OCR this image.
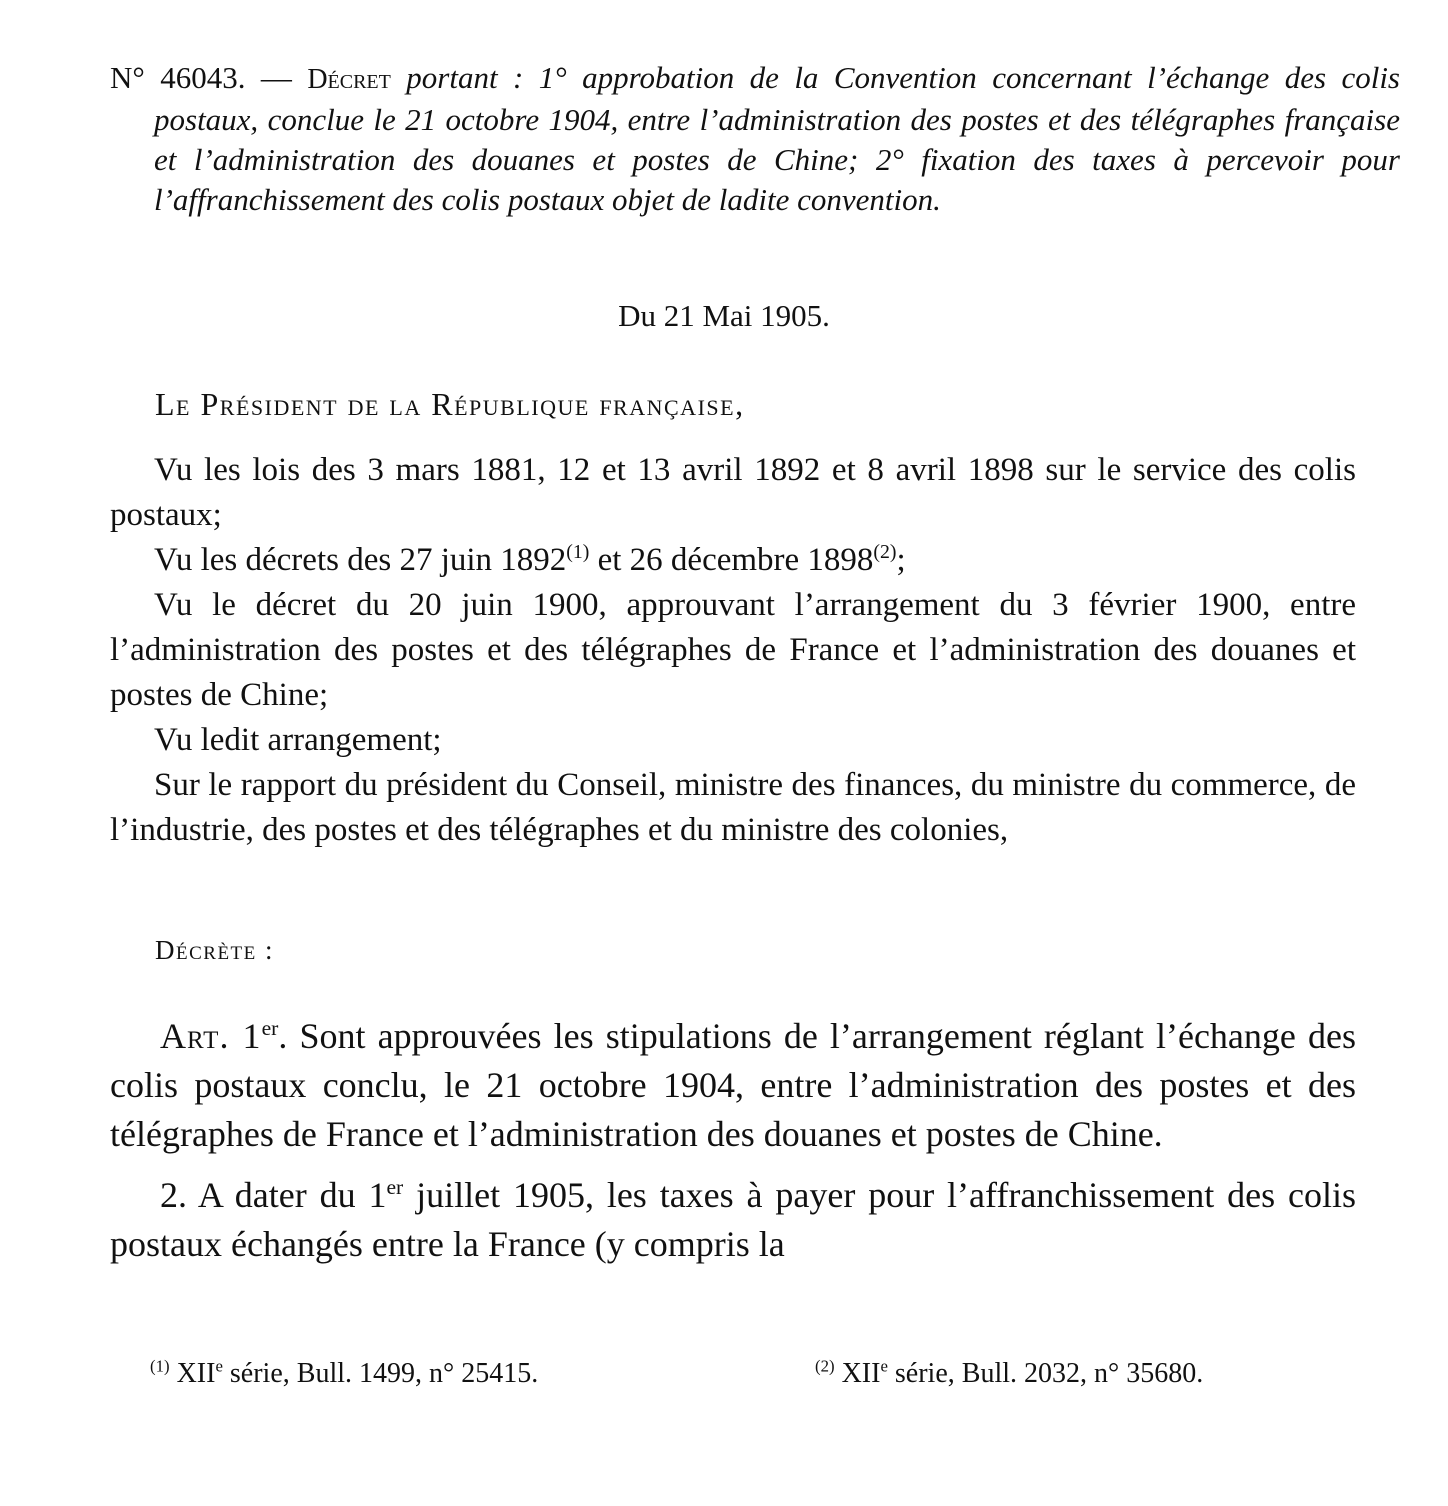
N° 46043. — Décret portant : 1° approbation de la Convention concernant l’échange des colis postaux, conclue le 21 octobre 1904, entre l’administration des postes et des télégraphes française et l’administration des douanes et postes de Chine; 2° fixation des taxes à percevoir pour l’affranchissement des colis postaux objet de ladite convention.
Du 21 Mai 1905.
Le Président de la République française,

Vu les lois des 3 mars 1881, 12 et 13 avril 1892 et 8 avril 1898 sur le service des colis postaux;

Vu les décrets des 27 juin 1892$^{(1)}$ et 26 décembre 1898$^{(2)}$;

Vu le décret du 20 juin 1900, approuvant l’arrangement du 3 février 1900, entre l’administration des postes et des télégraphes de France et l’administration des douanes et postes de Chine;

Vu ledit arrangement;

Sur le rapport du président du Conseil, ministre des finances, du ministre du commerce, de l’industrie, des postes et des télégraphes et du ministre des colonies,

Décrète :

Art. 1er. Sont approuvées les stipulations de l’arrangement réglant l’échange des colis postaux conclu, le 21 octobre 1904, entre l’administration des postes et des télégraphes de France et l’administration des douanes et postes de Chine.

2. A dater du 1er juillet 1905, les taxes à payer pour l’affranchissement des colis postaux échangés entre la France (y compris la

$^{(1)}$ XIIe série, Bull. 1499, n° 25415.	$^{(2)}$ XIIe série, Bull. 2032, n° 35680.
